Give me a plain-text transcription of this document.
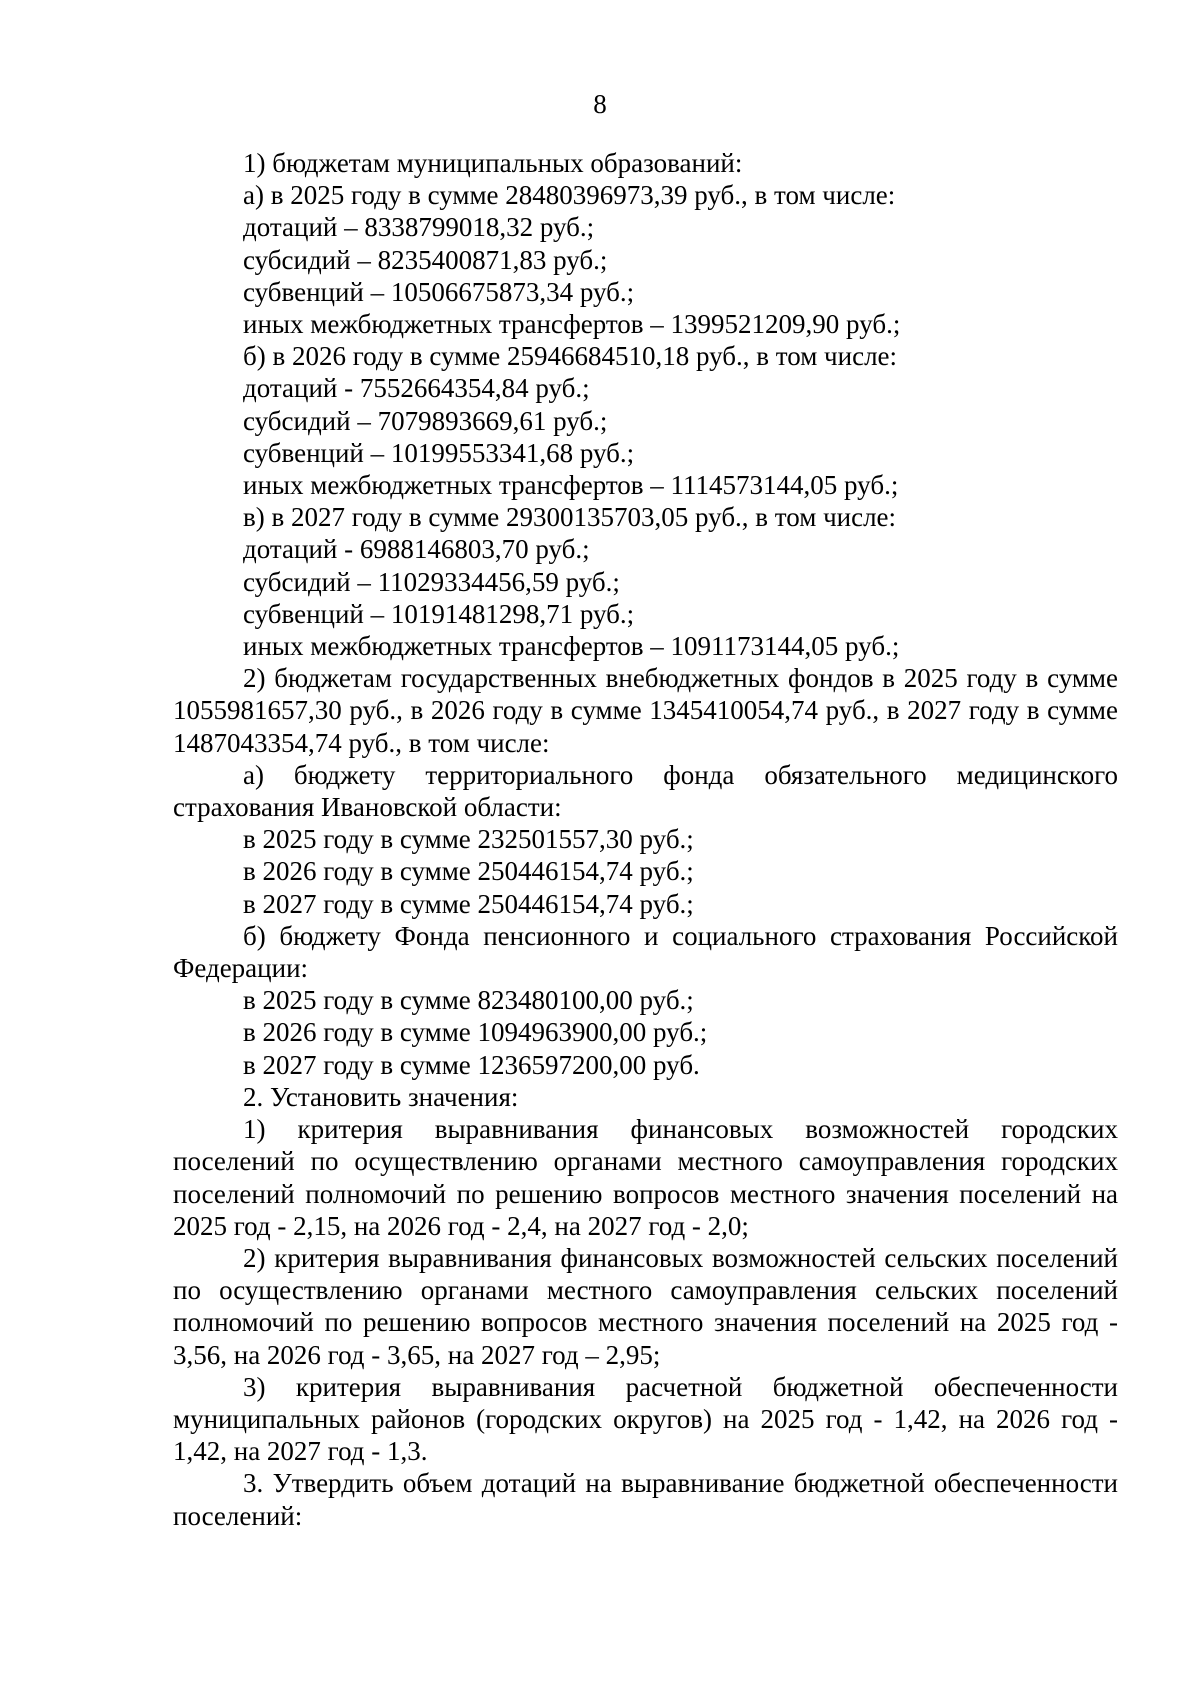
8

1) бюджетам муниципальных образований:

а) в 2025 году в сумме 28480396973,39 руб., в том числе:

дотаций – 8338799018,32 руб.;

субсидий – 8235400871,83 руб.;

субвенций – 10506675873,34 руб.;

иных межбюджетных трансфертов – 1399521209,90 руб.;

б) в 2026 году в сумме 25946684510,18 руб., в том числе:

дотаций - 7552664354,84 руб.;

субсидий – 7079893669,61 руб.;

субвенций – 10199553341,68 руб.;

иных межбюджетных трансфертов – 1114573144,05 руб.;

в) в 2027 году в сумме 29300135703,05 руб., в том числе:

дотаций - 6988146803,70 руб.;

субсидий – 11029334456,59 руб.;

субвенций – 10191481298,71 руб.;

иных межбюджетных трансфертов – 1091173144,05 руб.;

2) бюджетам государственных внебюджетных фондов в 2025 году в сумме 1055981657,30 руб., в 2026 году в сумме 1345410054,74 руб., в 2027 году в сумме 1487043354,74 руб., в том числе:

а) бюджету территориального фонда обязательного медицинского страхования Ивановской области:

в 2025 году в сумме 232501557,30 руб.;

в 2026 году в сумме 250446154,74 руб.;

в 2027 году в сумме 250446154,74 руб.;

б) бюджету Фонда пенсионного и социального страхования Российской Федерации:

в 2025 году в сумме 823480100,00 руб.;

в 2026 году в сумме 1094963900,00 руб.;

в 2027 году в сумме 1236597200,00 руб.

2. Установить значения:

1) критерия выравнивания финансовых возможностей городских поселений по осуществлению органами местного самоуправления городских поселений полномочий по решению вопросов местного значения поселений на 2025 год - 2,15, на 2026 год - 2,4, на 2027 год - 2,0;

2) критерия выравнивания финансовых возможностей сельских поселений по осуществлению органами местного самоуправления сельских поселений полномочий по решению вопросов местного значения поселений на 2025 год - 3,56, на 2026 год - 3,65, на 2027 год – 2,95;

3) критерия выравнивания расчетной бюджетной обеспеченности муниципальных районов (городских округов) на 2025 год - 1,42, на 2026 год - 1,42, на 2027 год - 1,3.

3. Утвердить объем дотаций на выравнивание бюджетной обеспеченности поселений:
